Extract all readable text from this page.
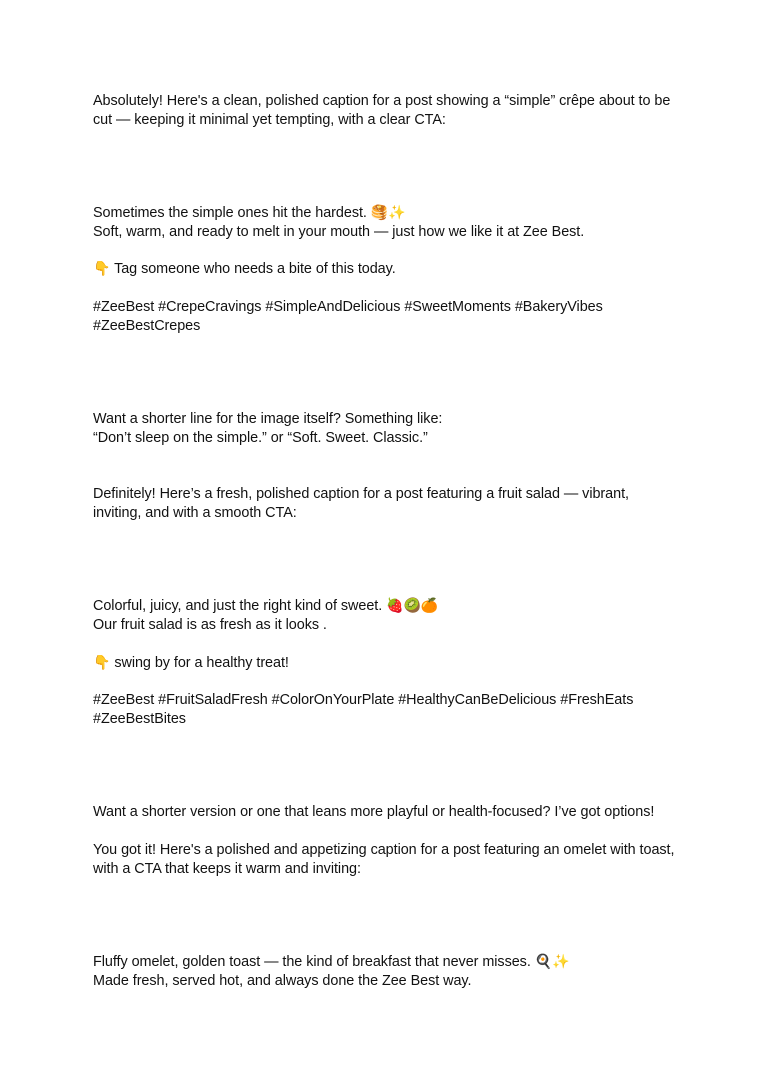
Absolutely! Here's a clean, polished caption for a post showing a “simple” crêpe about to be
cut — keeping it minimal yet tempting, with a clear CTA:
Sometimes the simple ones hit the hardest. 🥞✨
Soft, warm, and ready to melt in your mouth — just how we like it at Zee Best.
👇 Tag someone who needs a bite of this today.
#ZeeBest #CrepeCravings #SimpleAndDelicious #SweetMoments #BakeryVibes
#ZeeBestCrepes
Want a shorter line for the image itself? Something like:
“Don’t sleep on the simple.” or “Soft. Sweet. Classic.”
Definitely! Here’s a fresh, polished caption for a post featuring a fruit salad — vibrant,
inviting, and with a smooth CTA:
Colorful, juicy, and just the right kind of sweet. 🍓🥝🍊
Our fruit salad is as fresh as it looks .
👇 swing by for a healthy treat!
#ZeeBest #FruitSaladFresh #ColorOnYourPlate #HealthyCanBeDelicious #FreshEats
#ZeeBestBites
Want a shorter version or one that leans more playful or health-focused? I’ve got options!
You got it! Here's a polished and appetizing caption for a post featuring an omelet with toast,
with a CTA that keeps it warm and inviting:
Fluffy omelet, golden toast — the kind of breakfast that never misses. 🍳✨
Made fresh, served hot, and always done the Zee Best way.
